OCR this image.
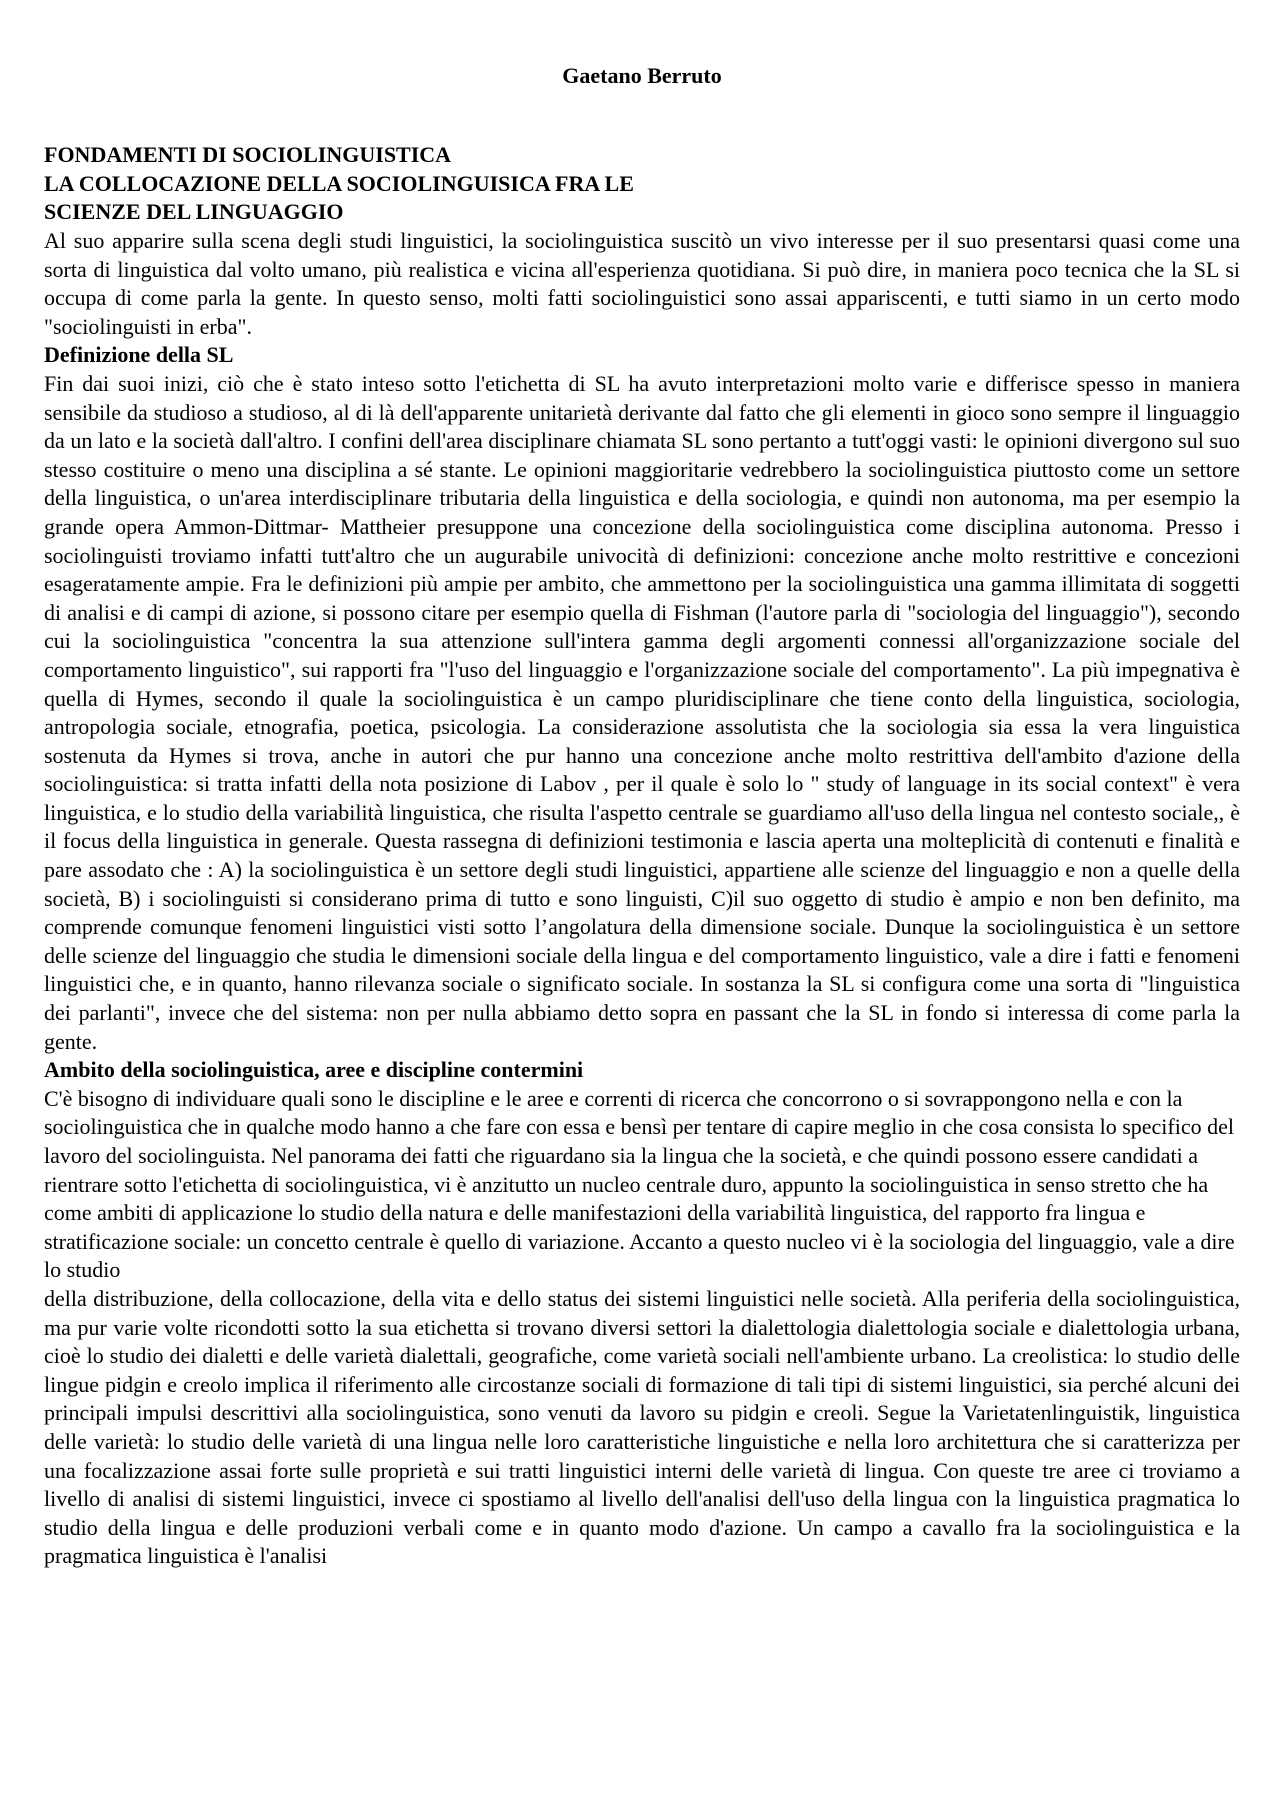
Gaetano Berruto
FONDAMENTI DI SOCIOLINGUISTICA
LA COLLOCAZIONE DELLA SOCIOLINGUISICA FRA LE
SCIENZE DEL LINGUAGGIO

Al suo apparire sulla scena degli studi linguistici, la sociolinguistica suscitò un vivo interesse per il suo presentarsi quasi come una sorta di linguistica dal volto umano, più realistica e vicina all'esperienza quotidiana. Si può dire, in maniera poco tecnica che la SL si occupa di come parla la gente. In questo senso, molti fatti sociolinguistici sono assai appariscenti, e tutti siamo in un certo modo "sociolinguisti in erba".

Definizione della SL

Fin dai suoi inizi, ciò che è stato inteso sotto l'etichetta di SL ha avuto interpretazioni molto varie e differisce spesso in maniera sensibile da studioso a studioso, al di là dell'apparente unitarietà derivante dal fatto che gli elementi in gioco sono sempre il linguaggio da un lato e la società dall'altro. I confini dell'area disciplinare chiamata SL sono pertanto a tutt'oggi vasti: le opinioni divergono sul suo stesso costituire o meno una disciplina a sé stante. Le opinioni maggioritarie vedrebbero la sociolinguistica piuttosto come un settore della linguistica, o un'area interdisciplinare tributaria della linguistica e della sociologia, e quindi non autonoma, ma per esempio la grande opera Ammon-Dittmar- Mattheier presuppone una concezione della sociolinguistica come disciplina autonoma. Presso i sociolinguisti troviamo infatti tutt'altro che un augurabile univocità di definizioni: concezione anche molto restrittive e concezioni esageratamente ampie. Fra le definizioni più ampie per ambito, che ammettono per la sociolinguistica una gamma illimitata di soggetti di analisi e di campi di azione, si possono citare per esempio quella di Fishman (l'autore parla di "sociologia del linguaggio"), secondo cui la sociolinguistica "concentra la sua attenzione sull'intera gamma degli argomenti connessi all'organizzazione sociale del comportamento linguistico", sui rapporti fra "l'uso del linguaggio e l'organizzazione sociale del comportamento". La più impegnativa è quella di Hymes, secondo il quale la sociolinguistica è un campo pluridisciplinare che tiene conto della linguistica, sociologia, antropologia sociale, etnografia, poetica, psicologia. La considerazione assolutista che la sociologia sia essa la vera linguistica sostenuta da Hymes si trova, anche in autori che pur hanno una concezione anche molto restrittiva dell'ambito d'azione della sociolinguistica: si tratta infatti della nota posizione di Labov , per il quale è solo lo " study of language in its social context" è vera linguistica, e lo studio della variabilità linguistica, che risulta l'aspetto centrale se guardiamo all'uso della lingua nel contesto sociale,, è il focus della linguistica in generale. Questa rassegna di definizioni testimonia e lascia aperta una molteplicità di contenuti e finalità e pare assodato che : A) la sociolinguistica è un settore degli studi linguistici, appartiene alle scienze del linguaggio e non a quelle della società, B) i sociolinguisti si considerano prima di tutto e sono linguisti, C)il suo oggetto di studio è ampio e non ben definito, ma comprende comunque fenomeni linguistici visti sotto l’angolatura della dimensione sociale. Dunque la sociolinguistica è un settore delle scienze del linguaggio che studia le dimensioni sociale della lingua e del comportamento linguistico, vale a dire i fatti e fenomeni linguistici che, e in quanto, hanno rilevanza sociale o significato sociale. In sostanza la SL si configura come una sorta di "linguistica dei parlanti", invece che del sistema: non per nulla abbiamo detto sopra en passant che la SL in fondo si interessa di come parla la gente.

Ambito della sociolinguistica, aree e discipline contermini

C'è bisogno di individuare quali sono le discipline e le aree e correnti di ricerca che concorrono o si sovrappongono nella e con la sociolinguistica che in qualche modo hanno a che fare con essa e bensì per tentare di capire meglio in che cosa consista lo specifico del lavoro del sociolinguista. Nel panorama dei fatti che riguardano sia la lingua che la società, e che quindi possono essere candidati a rientrare sotto l'etichetta di sociolinguistica, vi è anzitutto un nucleo centrale duro, appunto la sociolinguistica in senso stretto che ha come ambiti di applicazione lo studio della natura e delle manifestazioni della variabilità linguistica, del rapporto fra lingua e stratificazione sociale: un concetto centrale è quello di variazione. Accanto a questo nucleo vi è la sociologia del linguaggio, vale a dire lo studio

della distribuzione, della collocazione, della vita e dello status dei sistemi linguistici nelle società. Alla periferia della sociolinguistica, ma pur varie volte ricondotti sotto la sua etichetta si trovano diversi settori la dialettologia dialettologia sociale e dialettologia urbana, cioè lo studio dei dialetti e delle varietà dialettali, geografiche, come varietà sociali nell'ambiente urbano. La creolistica: lo studio delle lingue pidgin e creolo implica il riferimento alle circostanze sociali di formazione di tali tipi di sistemi linguistici, sia perché alcuni dei principali impulsi descrittivi alla sociolinguistica, sono venuti da lavoro su pidgin e creoli. Segue la Varietatenlinguistik, linguistica delle varietà: lo studio delle varietà di una lingua nelle loro caratteristiche linguistiche e nella loro architettura che si caratterizza per una focalizzazione assai forte sulle proprietà e sui tratti linguistici interni delle varietà di lingua. Con queste tre aree ci troviamo a livello di analisi di sistemi linguistici, invece ci spostiamo al livello dell'analisi dell'uso della lingua con la linguistica pragmatica lo studio della lingua e delle produzioni verbali come e in quanto modo d'azione. Un campo a cavallo fra la sociolinguistica e la pragmatica linguistica è l'analisi
